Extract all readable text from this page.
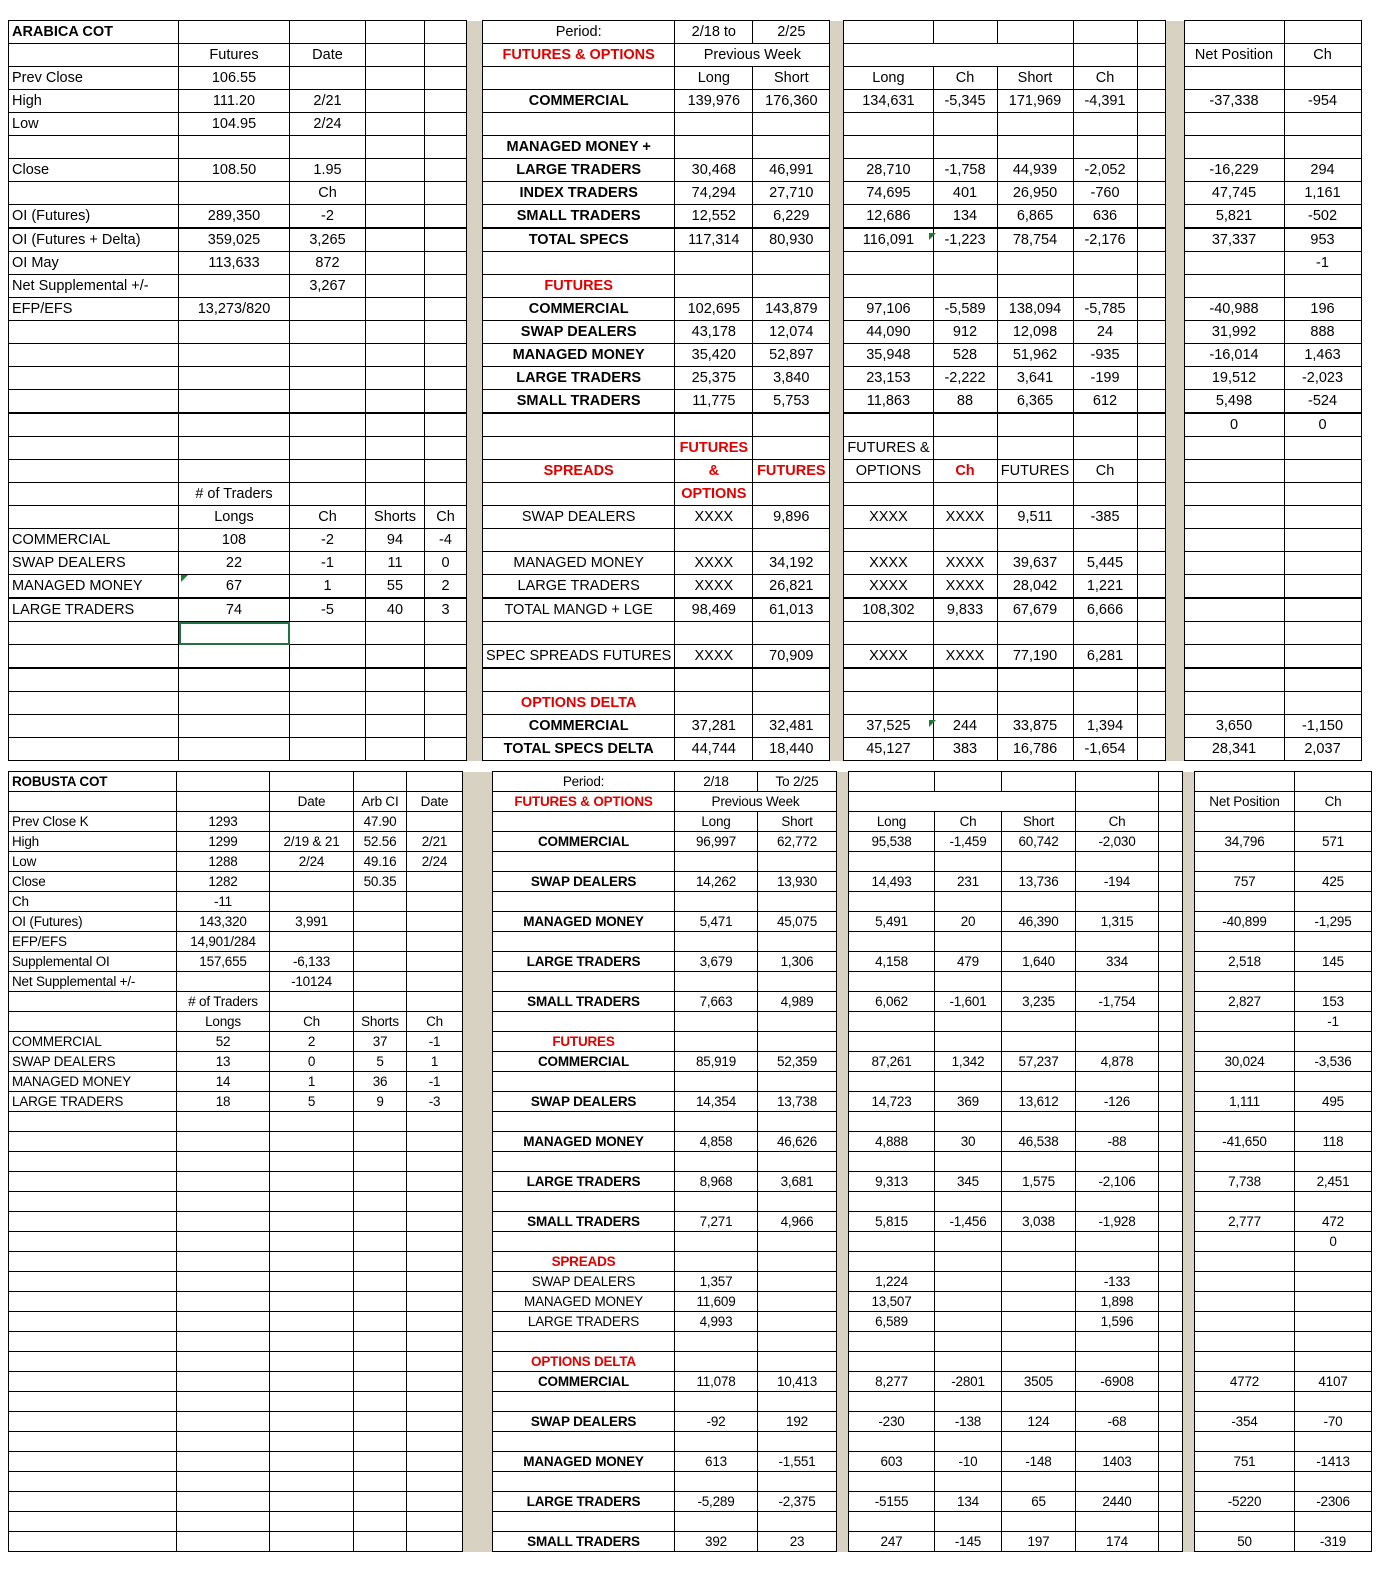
ARABICA COT						Period:	2/18 to	2/25									
	Futures	Date				FUTURES & OPTIONS	Previous Week									Net Position	Ch
Prev Close	106.55						Long	Short		Long	Ch	Short	Ch				
High	111.20	2/21				COMMERCIAL	139,976	176,360		134,631	-5,345	171,969	-4,391			-37,338	-954
Low	104.95	2/24															
						MANAGED MONEY +											
Close	108.50	1.95				LARGE TRADERS	30,468	46,991		28,710	-1,758	44,939	-2,052			-16,229	294
		Ch				INDEX TRADERS	74,294	27,710		74,695	401	26,950	-760			47,745	1,161
OI (Futures)	289,350	-2				SMALL TRADERS	12,552	6,229		12,686	134	6,865	636			5,821	-502
OI (Futures + Delta)	359,025	3,265				TOTAL SPECS	117,314	80,930		116,091	-1,223	78,754	-2,176			37,337	953
OI May	113,633	872															-1
Net Supplemental +/-		3,267				FUTURES											
EFP/EFS	13,273/820					COMMERCIAL	102,695	143,879		97,106	-5,589	138,094	-5,785			-40,988	196
						SWAP DEALERS	43,178	12,074		44,090	912	12,098	24			31,992	888
						MANAGED MONEY	35,420	52,897		35,948	528	51,962	-935			-16,014	1,463
						LARGE TRADERS	25,375	3,840		23,153	-2,222	3,641	-199			19,512	-2,023
						SMALL TRADERS	11,775	5,753		11,863	88	6,365	612			5,498	-524
																0	0
							FUTURES			FUTURES &							
						SPREADS	&	FUTURES		OPTIONS	Ch	FUTURES	Ch				
	# of Traders						OPTIONS										
	Longs	Ch	Shorts	Ch		SWAP DEALERS	XXXX	9,896		XXXX	XXXX	9,511	-385				
COMMERCIAL	108	-2	94	-4													
SWAP DEALERS	22	-1	11	0		MANAGED MONEY	XXXX	34,192		XXXX	XXXX	39,637	5,445				
MANAGED MONEY	67	1	55	2		LARGE TRADERS	XXXX	26,821		XXXX	XXXX	28,042	1,221				
LARGE TRADERS	74	-5	40	3		TOTAL MANGD + LGE	98,469	61,013		108,302	9,833	67,679	6,666				

						SPEC SPREADS FUTURES	XXXX	70,909		XXXX	XXXX	77,190	6,281				

						OPTIONS DELTA											
						COMMERCIAL	37,281	32,481		37,525	244	33,875	1,394			3,650	-1,150
						TOTAL SPECS DELTA	44,744	18,440		45,127	383	16,786	-1,654			28,341	2,037
ROBUSTA COT						Period:	2/18	To 2/25									
		Date	Arb CI	Date		FUTURES & OPTIONS	Previous Week									Net Position	Ch
Prev Close K	1293		47.90				Long	Short		Long	Ch	Short	Ch				
High	1299	2/19 & 21	52.56	2/21		COMMERCIAL	96,997	62,772		95,538	-1,459	60,742	-2,030			34,796	571
Low	1288	2/24	49.16	2/24													
Close	1282		50.35			SWAP DEALERS	14,262	13,930		14,493	231	13,736	-194			757	425
Ch	-11																
OI (Futures)	143,320	3,991				MANAGED MONEY	5,471	45,075		5,491	20	46,390	1,315			-40,899	-1,295
EFP/EFS	14,901/284																
Supplemental OI	157,655	-6,133				LARGE TRADERS	3,679	1,306		4,158	479	1,640	334			2,518	145
Net Supplemental +/-		-10124															
	# of Traders					SMALL TRADERS	7,663	4,989		6,062	-1,601	3,235	-1,754			2,827	153
	Longs	Ch	Shorts	Ch													-1
COMMERCIAL	52	2	37	-1		FUTURES											
SWAP DEALERS	13	0	5	1		COMMERCIAL	85,919	52,359		87,261	1,342	57,237	4,878			30,024	-3,536
MANAGED MONEY	14	1	36	-1													
LARGE TRADERS	18	5	9	-3		SWAP DEALERS	14,354	13,738		14,723	369	13,612	-126			1,111	495

						MANAGED MONEY	4,858	46,626		4,888	30	46,538	-88			-41,650	118

						LARGE TRADERS	8,968	3,681		9,313	345	1,575	-2,106			7,738	2,451

						SMALL TRADERS	7,271	4,966		5,815	-1,456	3,038	-1,928			2,777	472
																	0
						SPREADS											
						SWAP DEALERS	1,357			1,224			-133				
						MANAGED MONEY	11,609			13,507			1,898				
						LARGE TRADERS	4,993			6,589			1,596				

						OPTIONS DELTA											
						COMMERCIAL	11,078	10,413		8,277	-2801	3505	-6908			4772	4107

						SWAP DEALERS	-92	192		-230	-138	124	-68			-354	-70

						MANAGED MONEY	613	-1,551		603	-10	-148	1403			751	-1413

						LARGE TRADERS	-5,289	-2,375		-5155	134	65	2440			-5220	-2306

						SMALL TRADERS	392	23		247	-145	197	174			50	-319
